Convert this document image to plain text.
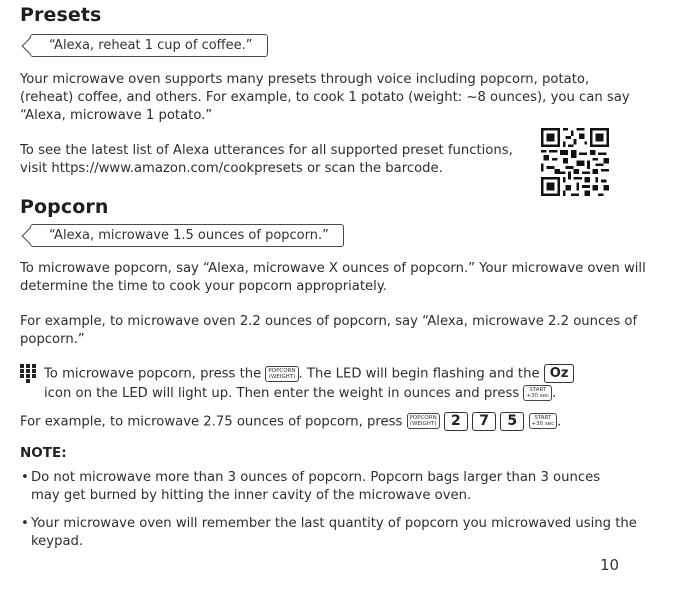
Presets
“Alexa, reheat 1 cup of coffee.”

Your microwave oven supports many presets through voice including popcorn, potato, (reheat) coffee, and others. For example, to cook 1 potato (weight: ~8 ounces), you can say “Alexa, microwave 1 potato.”

To see the latest list of Alexa utterances for all supported preset functions, visit https://www.amazon.com/cookpresets or scan the barcode.

Popcorn
“Alexa, microwave 1.5 ounces of popcorn.”

To microwave popcorn, say “Alexa, microwave X ounces of popcorn.” Your microwave oven will determine the time to cook your popcorn appropriately.

For example, to microwave oven 2.2 ounces of popcorn, say “Alexa, microwave 2.2 ounces of popcorn.”

To microwave popcorn, press the POPCORN
(WEIGHT) . The LED will begin flashing and the Oz

icon on the LED will light up. Then enter the weight in ounces and press START
+30 sec .

For example, to microwave 2.75 ounces of popcorn, press POPCORN
(WEIGHT) 2 7 5	START
+30 sec .

NOTE:
• Do not microwave more than 3 ounces of popcorn. Popcorn bags larger than 3 ounces may get burned by hitting the inner cavity of the microwave oven.
• Your microwave oven will remember the last quantity of popcorn you microwaved using the keypad.
10
